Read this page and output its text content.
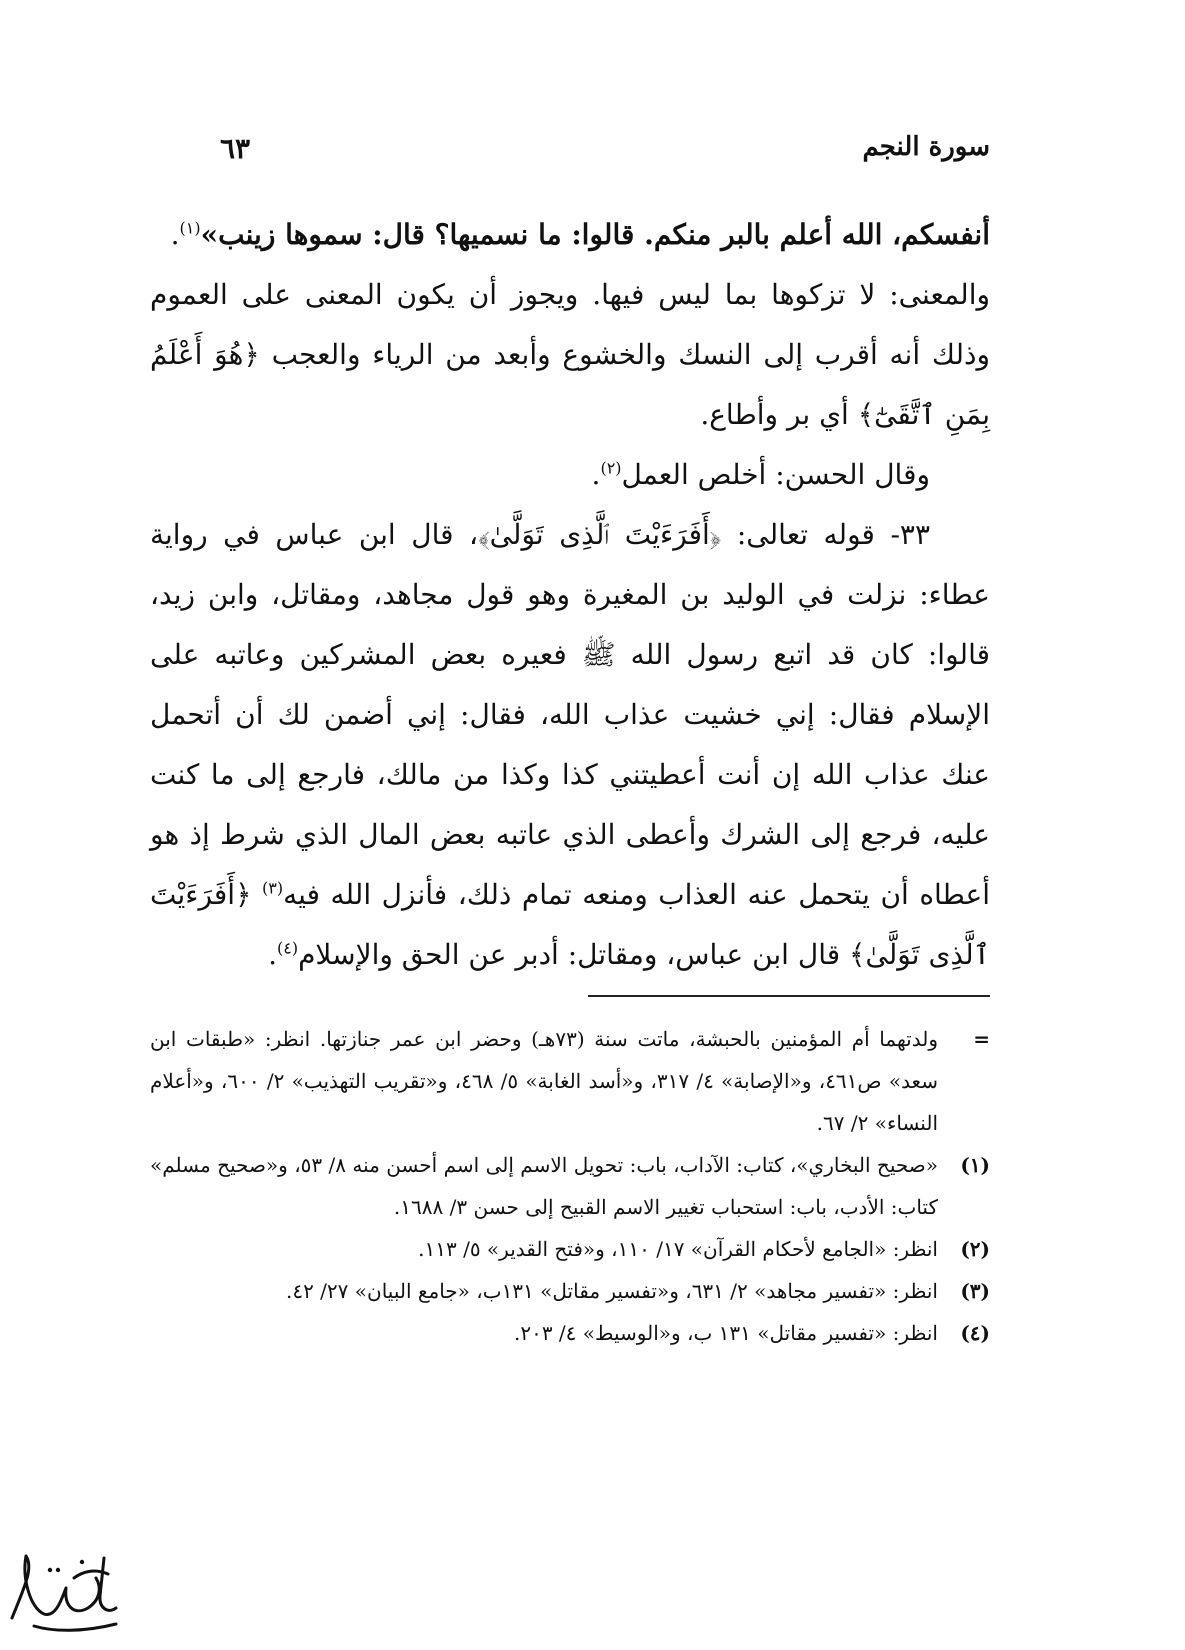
سورة النجم
٦٣

أنفسكم، الله أعلم بالبر منكم. قالوا: ما نسميها؟ قال: سموها زينب»$^{(١)}$.

والمعنى: لا تزكوها بما ليس فيها. ويجوز أن يكون المعنى على العموم وذلك أنه أقرب إلى النسك والخشوع وأبعد من الرياء والعجب ﴿هُوَ أَعْلَمُ بِمَنِ ٱتَّقَىٰٓ﴾ أي بر وأطاع.

وقال الحسن: أخلص العمل$^{(٢)}$.

٣٣- قوله تعالى: ﴿أَفَرَءَيْتَ ٱلَّذِى تَوَلَّىٰ﴾، قال ابن عباس في رواية عطاء: نزلت في الوليد بن المغيرة وهو قول مجاهد، ومقاتل، وابن زيد، قالوا: كان قد اتبع رسول الله ﷺ فعيره بعض المشركين وعاتبه على الإسلام فقال: إني خشيت عذاب الله، فقال: إني أضمن لك أن أتحمل عنك عذاب الله إن أنت أعطيتني كذا وكذا من مالك، فارجع إلى ما كنت عليه، فرجع إلى الشرك وأعطى الذي عاتبه بعض المال الذي شرط إذ هو أعطاه أن يتحمل عنه العذاب ومنعه تمام ذلك، فأنزل الله فيه$^{(٣)}$ ﴿أَفَرَءَيْتَ ٱلَّذِى تَوَلَّىٰ﴾ قال ابن عباس، ومقاتل: أدبر عن الحق والإسلام$^{(٤)}$.

=
ولدتهما أم المؤمنين بالحبشة، ماتت سنة (٧٣هـ) وحضر ابن عمر جنازتها. انظر: «طبقات ابن سعد» ص٤٦١، و«الإصابة» ٤/ ٣١٧، و«أسد الغابة» ٥/ ٤٦٨، و«تقريب التهذيب» ٢/ ٦٠٠، و«أعلام النساء» ٢/ ٦٧.
(١)
«صحيح البخاري»، كتاب: الآداب، باب: تحويل الاسم إلى اسم أحسن منه ٨/ ٥٣، و«صحيح مسلم» كتاب: الأدب، باب: استحباب تغيير الاسم القبيح إلى حسن ٣/ ١٦٨٨.
(٢)
انظر: «الجامع لأحكام القرآن» ١٧/ ١١٠، و«فتح القدير» ٥/ ١١٣.
(٣)
انظر: «تفسير مجاهد» ٢/ ٦٣١، و«تفسير مقاتل» ١٣١ب، «جامع البيان» ٢٧/ ٤٢.
(٤)
انظر: «تفسير مقاتل» ١٣١ ب، و«الوسيط» ٤/ ٢٠٣.
